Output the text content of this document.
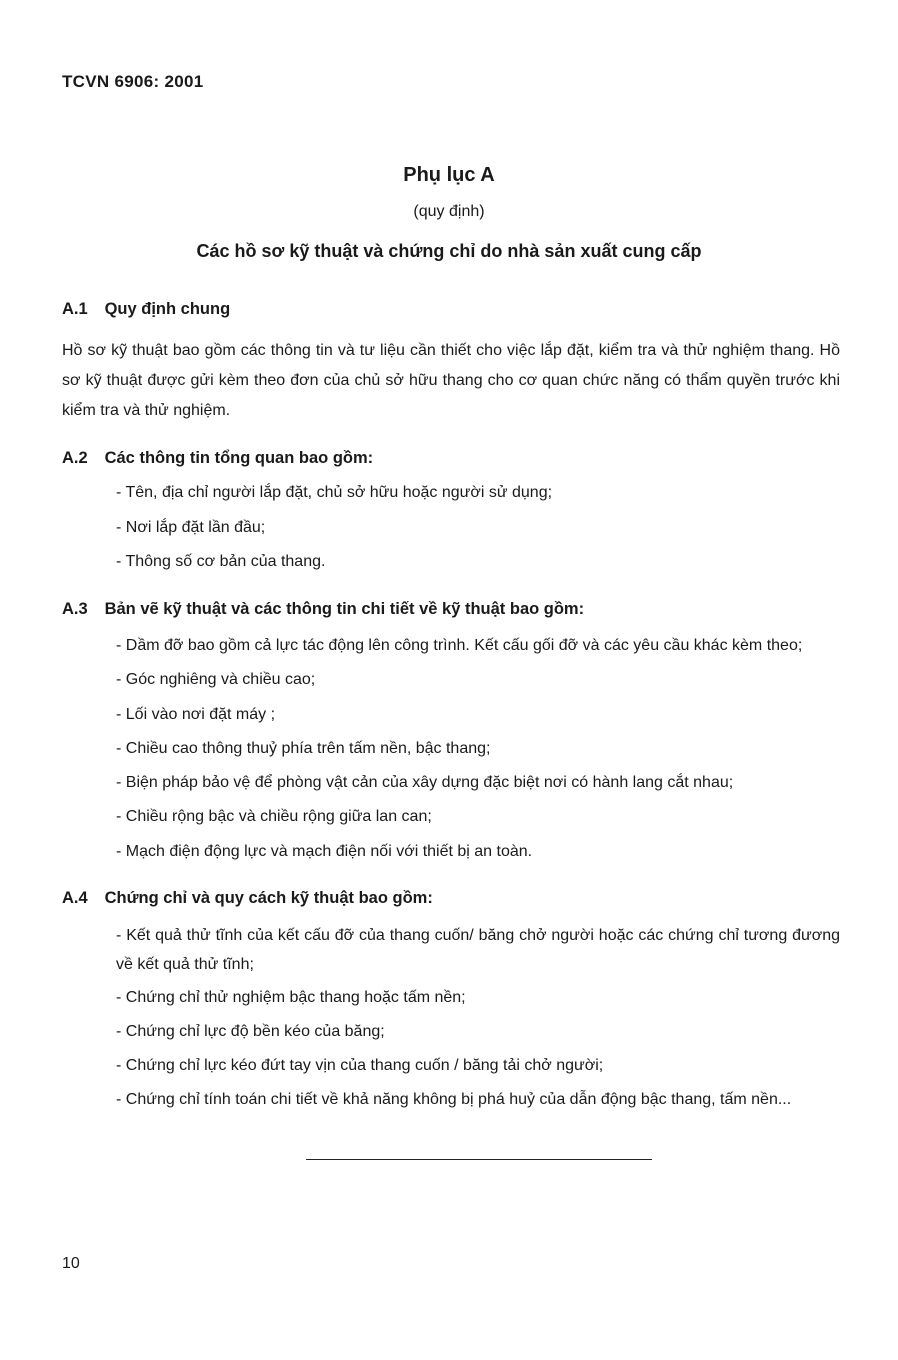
TCVN 6906: 2001
Phụ lục A
(quy định)
Các hồ sơ kỹ thuật và chứng chỉ do nhà sản xuất cung cấp
A.1 Quy định chung
Hồ sơ kỹ thuật bao gồm các thông tin và tư liệu cần thiết cho việc lắp đặt, kiểm tra và thử nghiệm thang. Hồ sơ kỹ thuật được gửi kèm theo đơn của chủ sở hữu thang cho cơ quan chức năng có thẩm quyền trước khi kiểm tra và thử nghiệm.
A.2 Các thông tin tổng quan bao gồm:
- Tên, địa chỉ người lắp đặt, chủ sở hữu hoặc người sử dụng;
- Nơi lắp đặt lần đầu;
- Thông số cơ bản của thang.
A.3 Bản vẽ kỹ thuật và các thông tin chi tiết về kỹ thuật bao gồm:
- Dầm đỡ bao gồm cả lực tác động lên công trình. Kết cấu gối đỡ và các yêu cầu khác kèm theo;
- Góc nghiêng và chiều cao;
- Lối vào nơi đặt máy ;
- Chiều cao thông thuỷ phía trên tấm nền, bậc thang;
- Biện pháp bảo vệ để phòng vật cản của xây dựng đặc biệt nơi có hành lang cắt nhau;
- Chiều rộng bậc và chiều rộng giữa lan can;
- Mạch điện động lực và mạch điện nối với thiết bị an toàn.
A.4 Chứng chỉ và quy cách kỹ thuật bao gồm:
- Kết quả thử tĩnh của kết cấu đỡ của thang cuốn/ băng chở người hoặc các chứng chỉ tương đương về kết quả thử tĩnh;
- Chứng chỉ thử nghiệm bậc thang hoặc tấm nền;
- Chứng chỉ lực độ bền kéo của băng;
- Chứng chỉ lực kéo đứt tay vịn của thang cuốn / băng tải chở người;
- Chứng chỉ tính toán chi tiết về khả năng không bị phá huỷ của dẫn động bậc thang, tấm nền...
10
